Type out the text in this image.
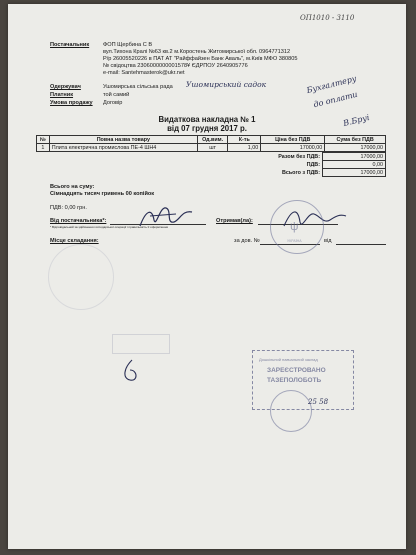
ОП1010 - 3110
Постачальник ФОП Щербина С В
вул.Тихона Кралі №63 кв.2 м.Коростень Житомирської обл. 0964771312
Р/р 26005520226 в ПАТ АТ "Райффайзен Банк Аваль", м.Київ МФО 380805
№ свідоцтва 2306000000001578¥ ЄДРПОУ 2640905776
e-mail: Santehmasterok@ukr.net
Одержувач	Ушомирська сільська рада Ушомирський садок
Платник	той самий
Умова продажу Договір
Бухгалтеру
до оплати
В.Бруі
Видаткова накладна № 1
від 07 грудня 2017 р.
№	Повна назва товару	Од.вим.	К-ть	Ціна без ПДВ	Сума без ПДВ
1	Плита електрична промислова ПЕ-4 ШН4	шт	1,00	17000,00	17000,00
Разом без ПДВ:	17000,00
ПДВ:	0,00
Всього з ПДВ:	17000,00
Всього на суму:
Сімнадцять тисяч гривень 00 копійок
ПДВ: 0,00 грн.
Від постачальника*:
* Відповідальний за здійснення господарської операції і правильність її оформлення
Отримав(ла):
Місце складання:	за дов. №	від
УКРАЇНА
ψ
Дошкільний навчальний заклад
ЗАРЕЄСТРОВАНО
ТАЗЕПОЛОБОТЬ
25 58
